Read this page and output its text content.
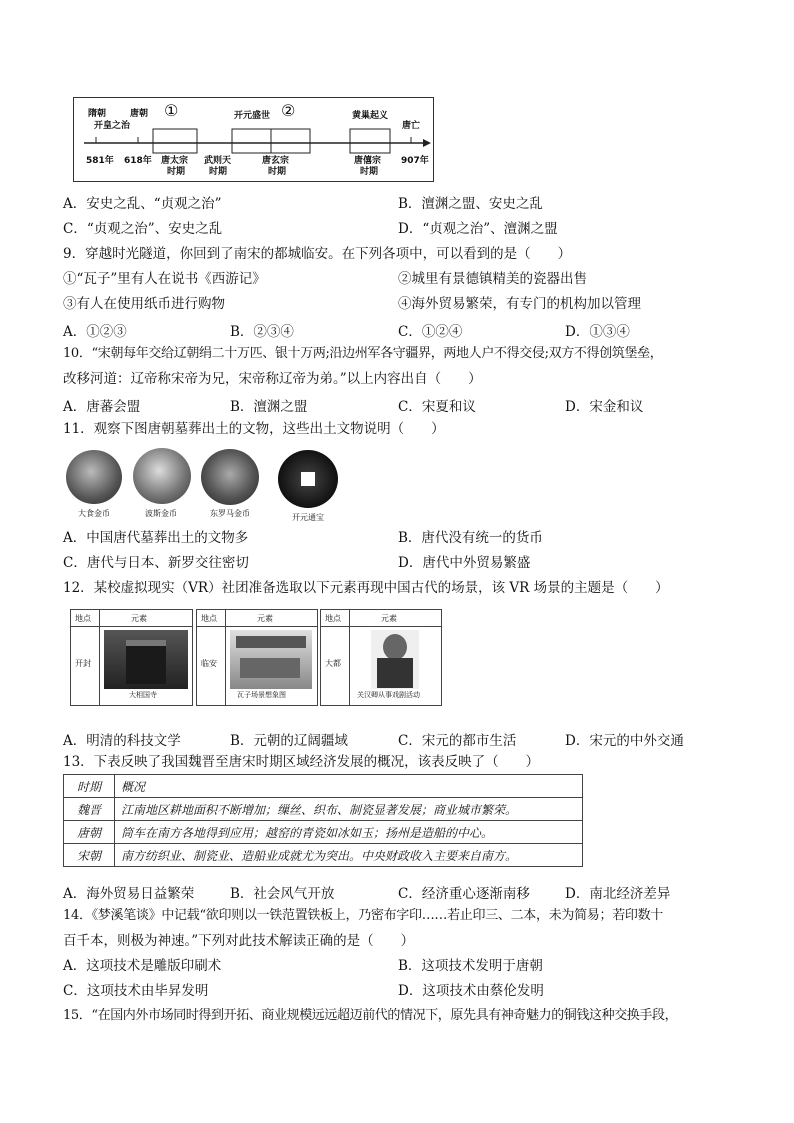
隋朝
开皇之治
唐朝 ①	开元盛世 ②	黄巢起义
唐亡
581年 618年	907年
唐太宗
时期
武则天
时期
唐玄宗
时期
唐僖宗
时期
A．安史之乱、“贞观之治”	B．澶渊之盟、安史之乱
C．“贞观之治”、安史之乱	D．“贞观之治”、澶渊之盟
9．穿越时光隧道，你回到了南宋的都城临安。在下列各项中，可以看到的是（　　）
①“瓦子”里有人在说书《西游记》	②城里有景德镇精美的瓷器出售
③有人在使用纸币进行购物	④海外贸易繁荣，有专门的机构加以管理
A．①②③	B．②③④	C．①②④	D．①③④
10．“宋朝每年交给辽朝绢二十万匹、银十万两;沿边州军各守疆界，两地人户不得交侵;双方不得创筑堡垒，
改移河道：辽帝称宋帝为兄，宋帝称辽帝为弟。”以上内容出自（　　）
A．唐蕃会盟	B．澶渊之盟	C．宋夏和议	D．宋金和议
11．观察下图唐朝墓葬出土的文物，这些出土文物说明（　　）
大食金币	波斯金币	东罗马金币	开元通宝
A．中国唐代墓葬出土的文物多	B．唐代没有统一的货币
C．唐代与日本、新罗交往密切	D．唐代中外贸易繁盛
12．某校虚拟现实（VR）社团准备选取以下元素再现中国古代的场景，该 VR 场景的主题是（　　）
地点	元素
开封
大相国寺
地点	元素
临安
瓦子场景想象图
地点	元素
大都
关汉卿从事戏剧活动
A．明清的科技文学	B．元朝的辽阔疆域	C．宋元的都市生活	D．宋元的中外交通
13．下表反映了我国魏晋至唐宋时期区域经济发展的概况，该表反映了（　　）
时期	概况
魏晋	江南地区耕地面积不断增加；缫丝、织布、制瓷显著发展；商业城市繁荣。
唐朝	筒车在南方各地得到应用；越窑的青瓷如冰如玉；扬州是造船的中心。
宋朝	南方纺织业、制瓷业、造船业成就尤为突出。中央财政收入主要来自南方。
A．海外贸易日益繁荣	B．社会风气开放	C．经济重心逐渐南移	D．南北经济差异
14．《梦溪笔谈》中记载“欲印则以一铁范置铁板上，乃密布字印……若止印三、二本，未为简易；若印数十
百千本，则极为神速。”下列对此技术解读正确的是（　　）
A．这项技术是雕版印刷术	B．这项技术发明于唐朝
C．这项技术由毕昇发明	D．这项技术由蔡伦发明
15．“在国内外市场同时得到开拓、商业规模远远超迈前代的情况下，原先具有神奇魅力的铜钱这种交换手段，
